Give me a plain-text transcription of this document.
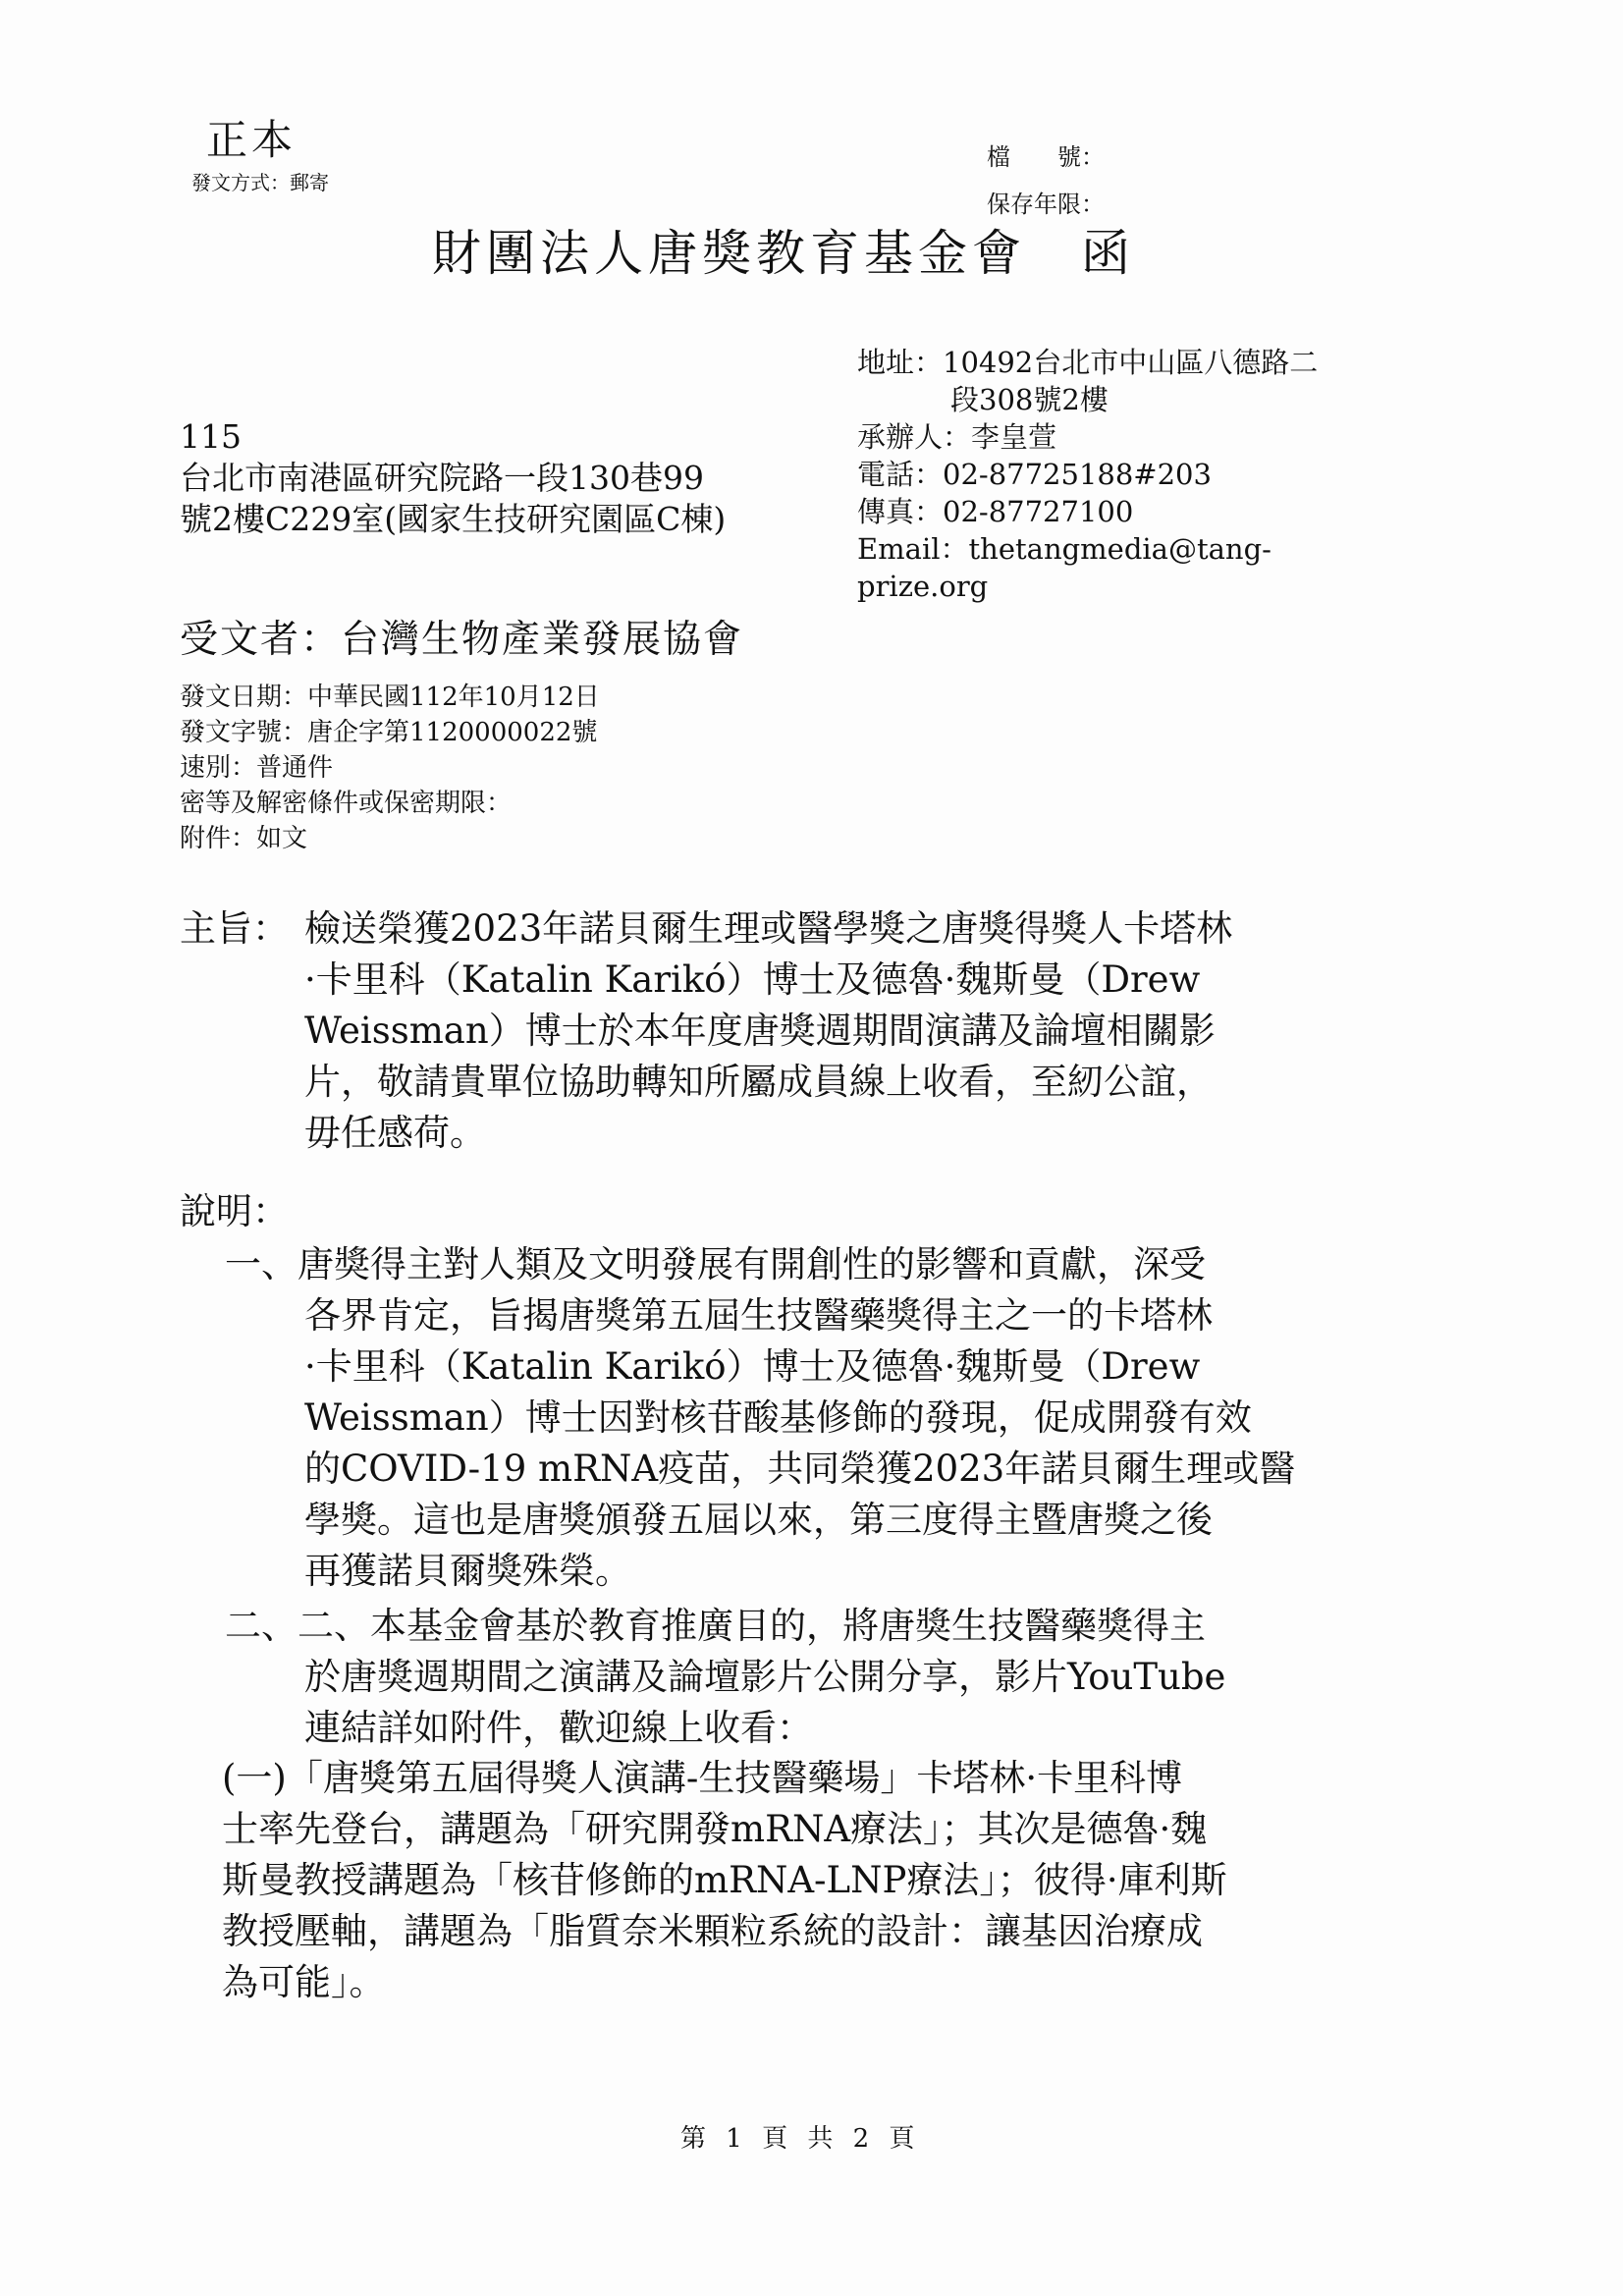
正本
發文方式：郵寄
檔　　號：
保存年限：
財團法人唐獎教育基金會 函
地址：10492台北市中山區八德路二
段308號2樓
承辦人：李皇萱
電話：02-87725188#203
傳真：02-87727100
Email：thetangmedia@tang-
prize.org
115
台北市南港區研究院路一段130巷99
號2樓C229室(國家生技研究園區C棟)
受文者：台灣生物產業發展協會
發文日期：中華民國112年10月12日
發文字號：唐企字第1120000022號
速別：普通件
密等及解密條件或保密期限：
附件：如文
主旨： 檢送榮獲2023年諾貝爾生理或醫學獎之唐獎得獎人卡塔林
·卡里科（Katalin Karikó）博士及德魯·魏斯曼（Drew
Weissman）博士於本年度唐獎週期間演講及論壇相關影
片，敬請貴單位協助轉知所屬成員線上收看，至紉公誼，
毋任感荷。
說明：
一、唐獎得主對人類及文明發展有開創性的影響和貢獻，深受
各界肯定，旨揭唐獎第五屆生技醫藥獎得主之一的卡塔林
·卡里科（Katalin Karikó）博士及德魯·魏斯曼（Drew
Weissman）博士因對核苷酸基修飾的發現，促成開發有效
的COVID-19 mRNA疫苗，共同榮獲2023年諾貝爾生理或醫
學獎。這也是唐獎頒發五屆以來，第三度得主暨唐獎之後
再獲諾貝爾獎殊榮。
二、二、本基金會基於教育推廣目的，將唐獎生技醫藥獎得主
於唐獎週期間之演講及論壇影片公開分享，影片YouTube
連結詳如附件，歡迎線上收看：
(一)「唐獎第五屆得獎人演講-生技醫藥場」卡塔林·卡里科博
士率先登台，講題為「研究開發mRNA療法」；其次是德魯·魏
斯曼教授講題為「核苷修飾的mRNA-LNP療法」；彼得·庫利斯
教授壓軸，講題為「脂質奈米顆粒系統的設計：讓基因治療成
為可能」。
第 1 頁 共 2 頁
